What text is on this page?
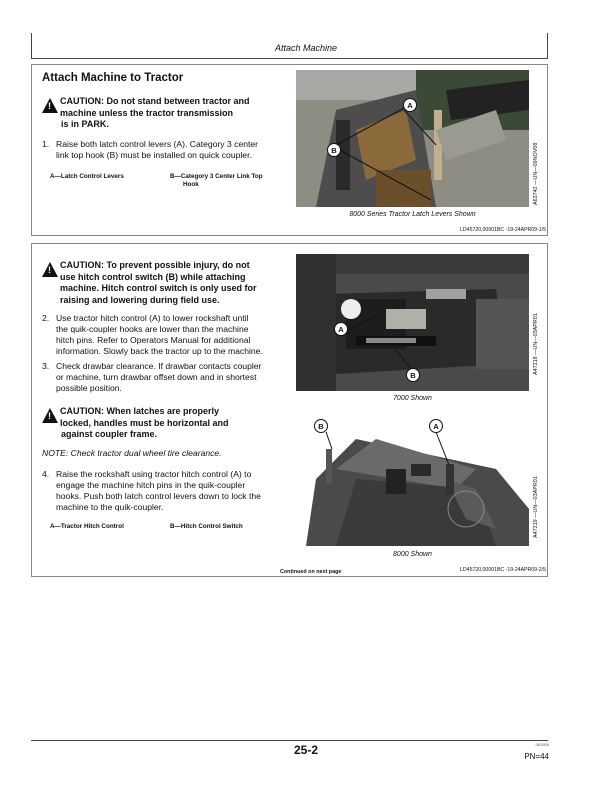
Attach Machine
Attach Machine to Tractor
! CAUTION: Do not stand between tractor and
machine unless the tractor transmission
is in PARK.
1. Raise both latch control levers (A). Category 3 center
link top hook (B) must be installed on quick coupler.
A—Latch Control Levers	B—Category 3 Center Link Top
Hook
A
B	A63742 —UN—09NOV08
8000 Series Tractor Latch Levers Shown
LD45720,00001BC -19-24APR09-1/5
! CAUTION: To prevent possible injury, do not
use hitch control switch (B) while attaching
machine. Hitch control switch is only used for
raising and lowering during field use.
2. Use tractor hitch control (A) to lower rockshaft until
the quik-coupler hooks are lower than the machine
hitch pins. Refer to Operators Manual for additional
information. Slowly back the tractor up to the machine.
3. Check drawbar clearance. If drawbar contacts coupler
or machine, turn drawbar offset down and in shortest
possible position.
! CAUTION: When latches are properly
locked, handles must be horizontal and
against coupler frame.
NOTE: Check tractor dual wheel tire clearance.
4. Raise the rockshaft using tractor hitch control (A) to
engage the machine hitch pins in the quik-coupler
hooks. Push both latch control levers down to lock the
machine to the quik-coupler.
A—Tractor Hitch Control	B—Hitch Control Switch
A
B
A47218 —UN—03APR01
7000 Shown
B	A
A47219 —UN—03APR01
8000 Shown
Continued on next page	LD45720,00001BC -19-24APR09-2/5
25-2	061509
PN=44
